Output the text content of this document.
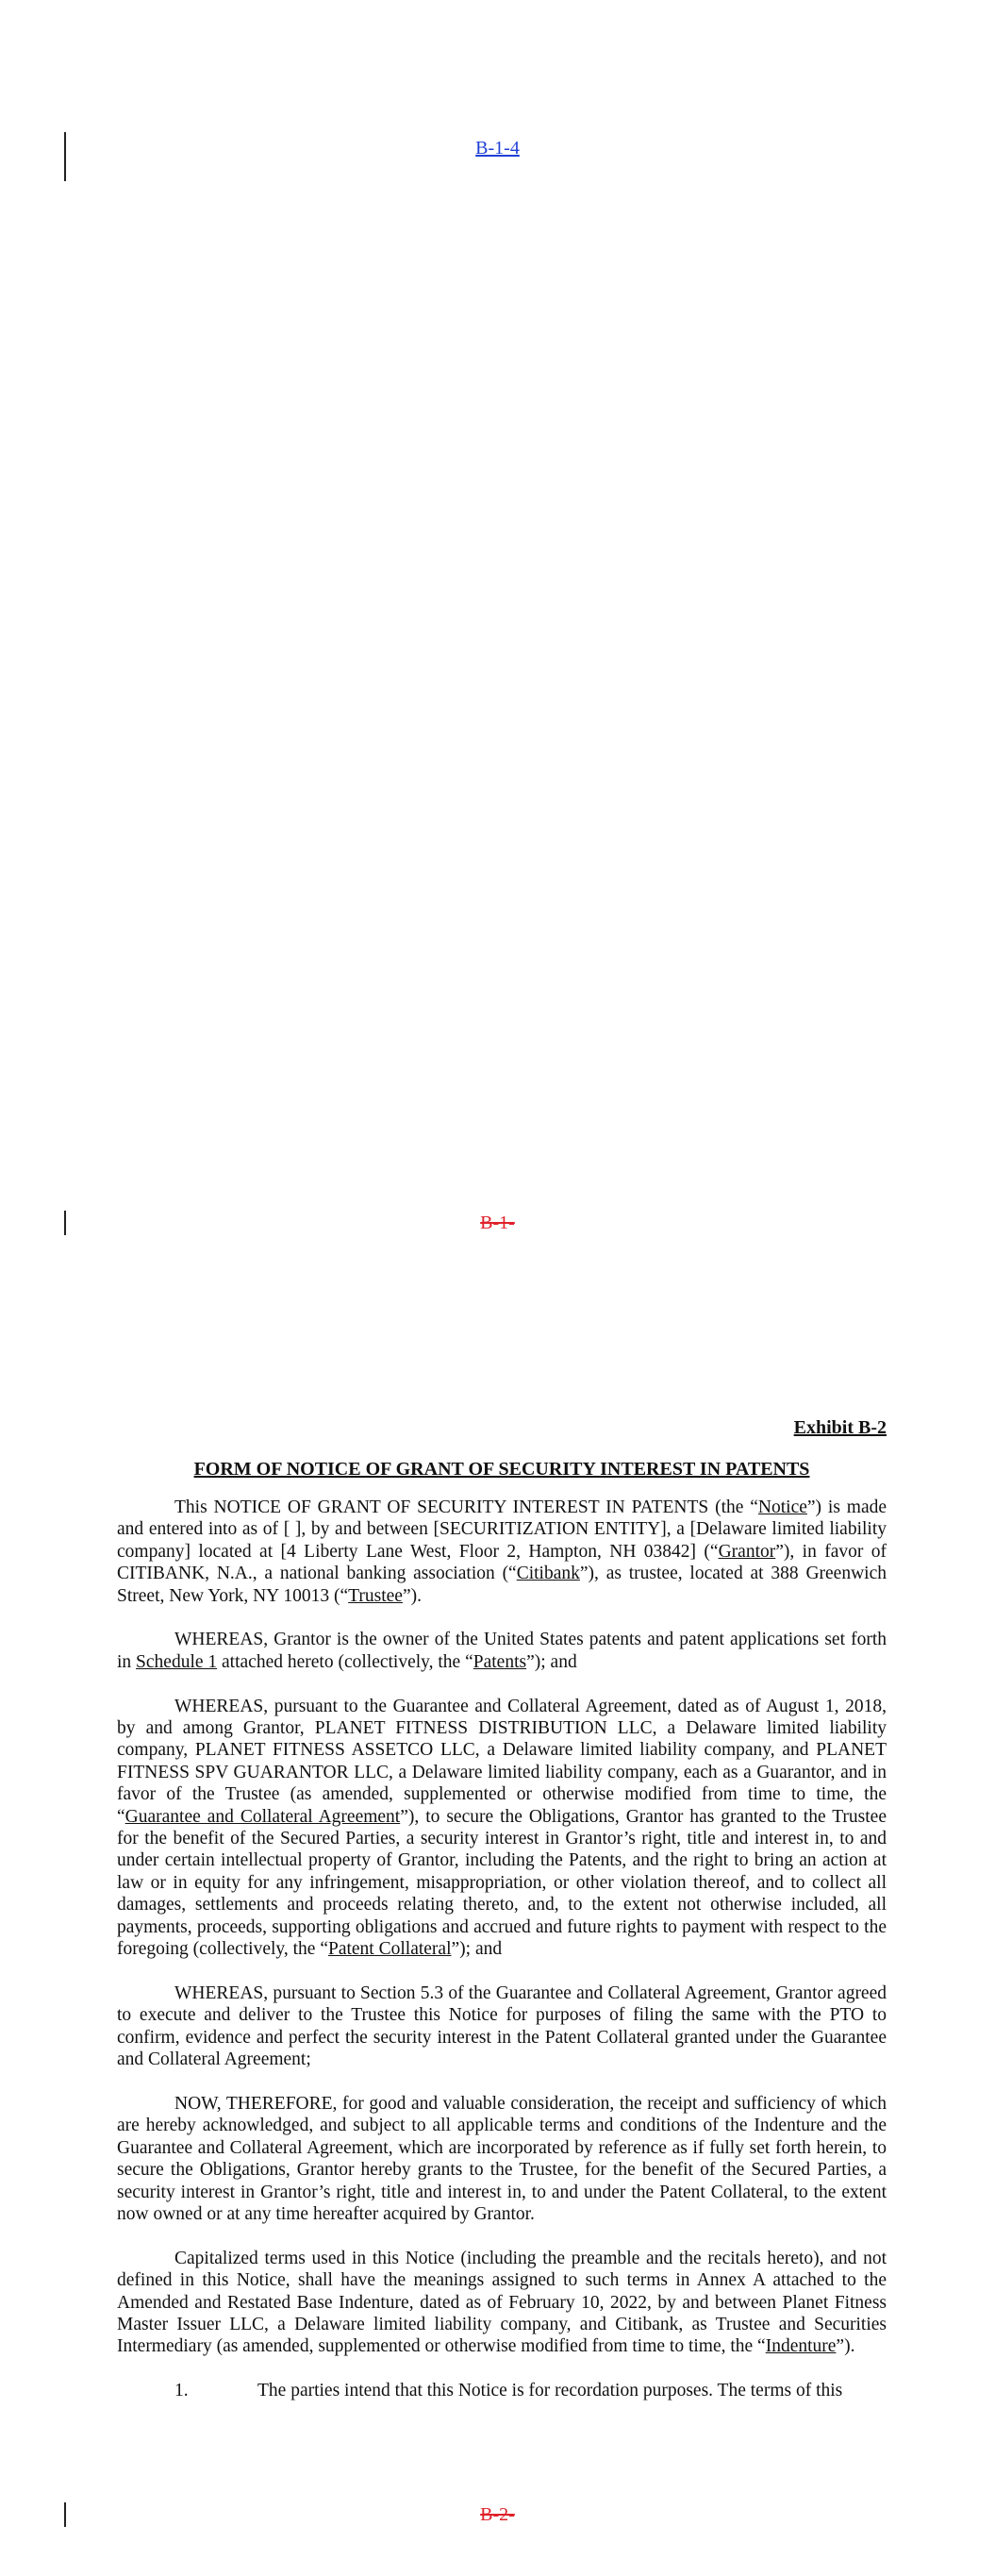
B-1-4
B-1-
Exhibit B-2
FORM OF NOTICE OF GRANT OF SECURITY INTEREST IN PATENTS

This NOTICE OF GRANT OF SECURITY INTEREST IN PATENTS (the “Notice”) is made and entered into as of [ ], by and between [SECURITIZATION ENTITY], a [Delaware limited liability company] located at [4 Liberty Lane West, Floor 2, Hampton, NH 03842] (“Grantor”), in favor of CITIBANK, N.A., a national banking association (“Citibank”), as trustee, located at 388 Greenwich Street, New York, NY 10013 (“Trustee”).

WHEREAS, Grantor is the owner of the United States patents and patent applications set forth in Schedule 1 attached hereto (collectively, the “Patents”); and

WHEREAS, pursuant to the Guarantee and Collateral Agreement, dated as of August 1, 2018, by and among Grantor, PLANET FITNESS DISTRIBUTION LLC, a Delaware limited liability company, PLANET FITNESS ASSETCO LLC, a Delaware limited liability company, and PLANET FITNESS SPV GUARANTOR LLC, a Delaware limited liability company, each as a Guarantor, and in favor of the Trustee (as amended, supplemented or otherwise modified from time to time, the “Guarantee and Collateral Agreement”), to secure the Obligations, Grantor has granted to the Trustee for the benefit of the Secured Parties, a security interest in Grantor’s right, title and interest in, to and under certain intellectual property of Grantor, including the Patents, and the right to bring an action at law or in equity for any infringement, misappropriation, or other violation thereof, and to collect all damages, settlements and proceeds relating thereto, and, to the extent not otherwise included, all payments, proceeds, supporting obligations and accrued and future rights to payment with respect to the foregoing (collectively, the “Patent Collateral”); and

WHEREAS, pursuant to Section 5.3 of the Guarantee and Collateral Agreement, Grantor agreed to execute and deliver to the Trustee this Notice for purposes of filing the same with the PTO to confirm, evidence and perfect the security interest in the Patent Collateral granted under the Guarantee and Collateral Agreement;

NOW, THEREFORE, for good and valuable consideration, the receipt and sufficiency of which are hereby acknowledged, and subject to all applicable terms and conditions of the Indenture and the Guarantee and Collateral Agreement, which are incorporated by reference as if fully set forth herein, to secure the Obligations, Grantor hereby grants to the Trustee, for the benefit of the Secured Parties, a security interest in Grantor’s right, title and interest in, to and under the Patent Collateral, to the extent now owned or at any time hereafter acquired by Grantor.

Capitalized terms used in this Notice (including the preamble and the recitals hereto), and not defined in this Notice, shall have the meanings assigned to such terms in Annex A attached to the Amended and Restated Base Indenture, dated as of February 10, 2022, by and between Planet Fitness Master Issuer LLC, a Delaware limited liability company, and Citibank, as Trustee and Securities Intermediary (as amended, supplemented or otherwise modified from time to time, the “Indenture”).

1.	The parties intend that this Notice is for recordation purposes. The terms of this

B-2-
